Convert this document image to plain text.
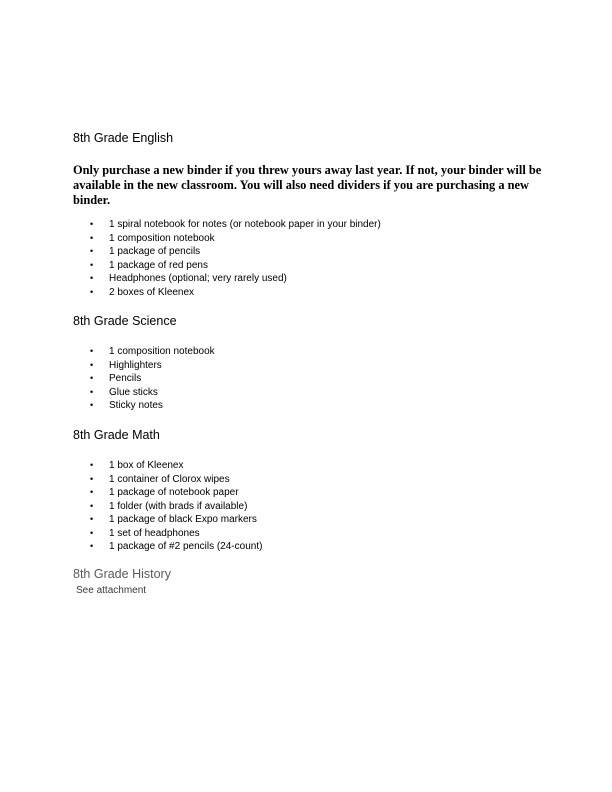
8th Grade English

Only purchase a new binder if you threw yours away last year. If not, your binder will be available in the new classroom. You will also need dividers if you are purchasing a new binder.

• 1 spiral notebook for notes (or notebook paper in your binder)
• 1 composition notebook
• 1 package of pencils
• 1 package of red pens
• Headphones (optional; very rarely used)
• 2 boxes of Kleenex
8th Grade Science
• 1 composition notebook
• Highlighters
• Pencils
• Glue sticks
• Sticky notes
8th Grade Math
• 1 box of Kleenex
• 1 container of Clorox wipes
• 1 package of notebook paper
• 1 folder (with brads if available)
• 1 package of black Expo markers
• 1 set of headphones
• 1 package of #2 pencils (24-count)
8th Grade History
See attachment
